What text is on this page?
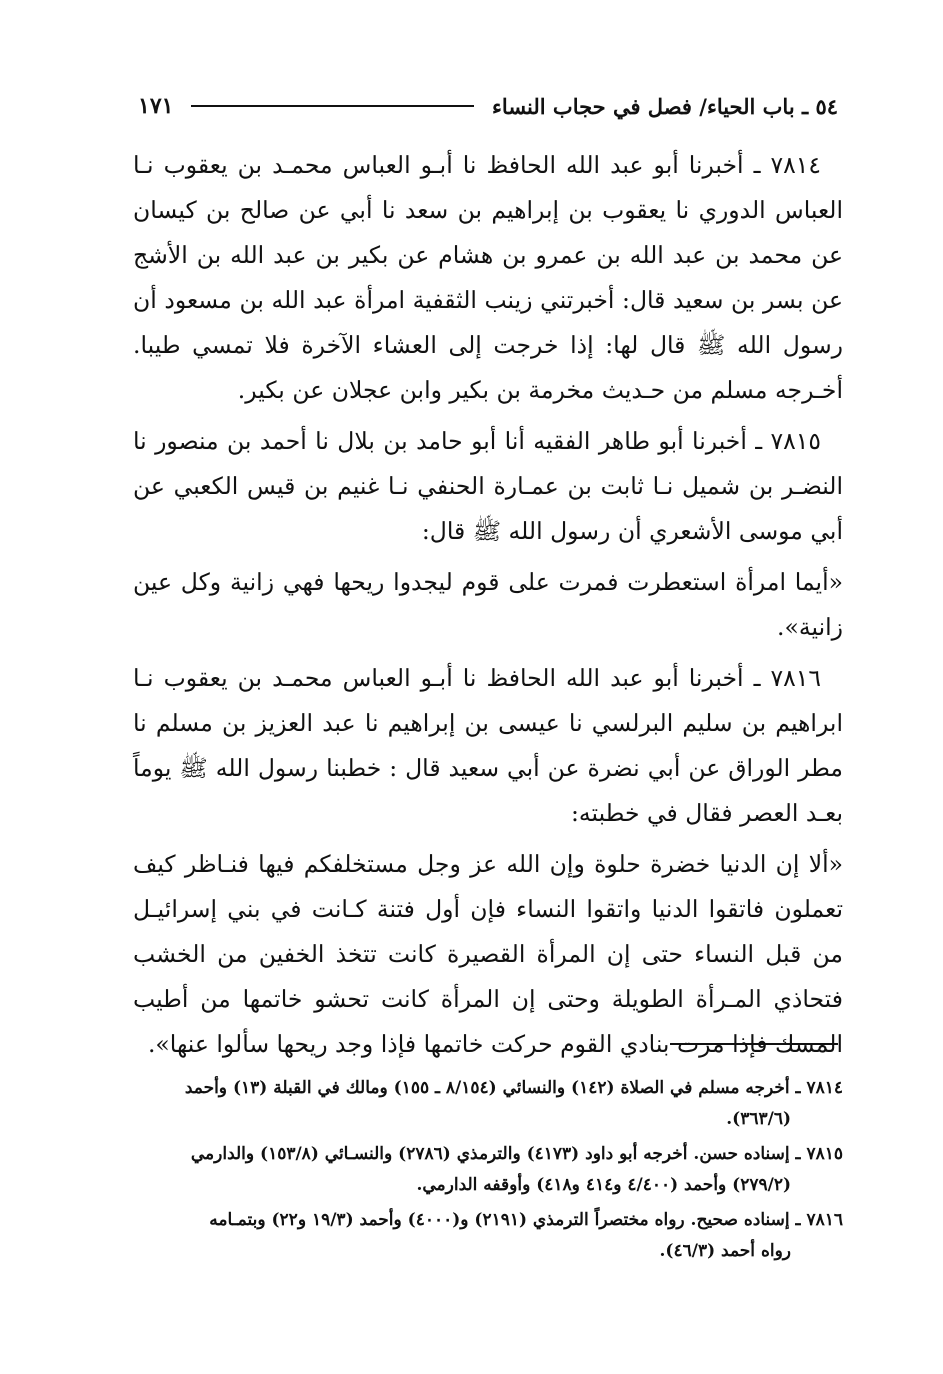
٥٤ ـ باب الحياء/ فصل في حجاب النساء
١٧١

٧٨١٤ ـ أخبرنا أبو عبد الله الحافظ نا أبـو العباس محمـد بن يعقوب نـا العباس الدوري نا يعقوب بن إبراهيم بن سعد نا أبي عن صالح بن كيسان عن محمد بن عبد الله بن عمرو بن هشام عن بكير بن عبد الله بن الأشج عن بسر بن سعيد قال: أخبرتني زينب الثقفية امرأة عبد الله بن مسعود أن رسول الله ﷺ قال لها: إذا خرجت إلى العشاء الآخرة فلا تمسي طيبا. أخـرجه مسلم من حـديث مخرمة بن بكير وابن عجلان عن بكير.

٧٨١٥ ـ أخبرنا أبو طاهر الفقيه أنا أبو حامد بن بلال نا أحمد بن منصور نا النضـر بن شميل نـا ثابت بن عمـارة الحنفي نـا غنيم بن قيس الكعبي عن أبي موسى الأشعري أن رسول الله ﷺ قال:

«أيما امرأة استعطرت فمرت على قوم ليجدوا ريحها فهي زانية وكل عين زانية».

٧٨١٦ ـ أخبرنا أبو عبد الله الحافظ نا أبـو العباس محمـد بن يعقوب نـا ابراهيم بن سليم البرلسي نا عيسى بن إبراهيم نا عبد العزيز بن مسلم نا مطر الوراق عن أبي نضرة عن أبي سعيد قال : خطبنا رسول الله ﷺ يوماً بعـد العصر فقال في خطبته:

«ألا إن الدنيا خضرة حلوة وإن الله عز وجل مستخلفكم فيها فنـاظر كيف تعملون فاتقوا الدنيا واتقوا النساء فإن أول فتنة كـانت في بني إسرائيـل من قبل النساء حتى إن المرأة القصيرة كانت تتخذ الخفين من الخشب فتحاذي المـرأة الطويلة وحتى إن المرأة كانت تحشو خاتمها من أطيب المسك فإذا مرت بنادي القوم حركت خاتمها فإذا وجد ريحها سألوا عنها».

٧٨١٤ ـ أخرجه مسلم في الصلاة (١٤٢) والنسائي (٨/١٥٤ ـ ١٥٥) ومالك في القبلة (١٣) وأحمد
(٣٦٣/٦).
٧٨١٥ ـ إسناده حسن. أخرجه أبو داود (٤١٧٣) والترمذي (٢٧٨٦) والنسـائي (١٥٣/٨) والدارمي
(٢٧٩/٢) وأحمد (٤/٤٠٠ و٤١٤ و٤١٨) وأوقفه الدارمي.
٧٨١٦ ـ إسناده صحيح. رواه مختصراً الترمذي (٢١٩١) و(٤٠٠٠) وأحمد (١٩/٣ و٢٢) وبتمـامه
رواه أحمد (٤٦/٣).
